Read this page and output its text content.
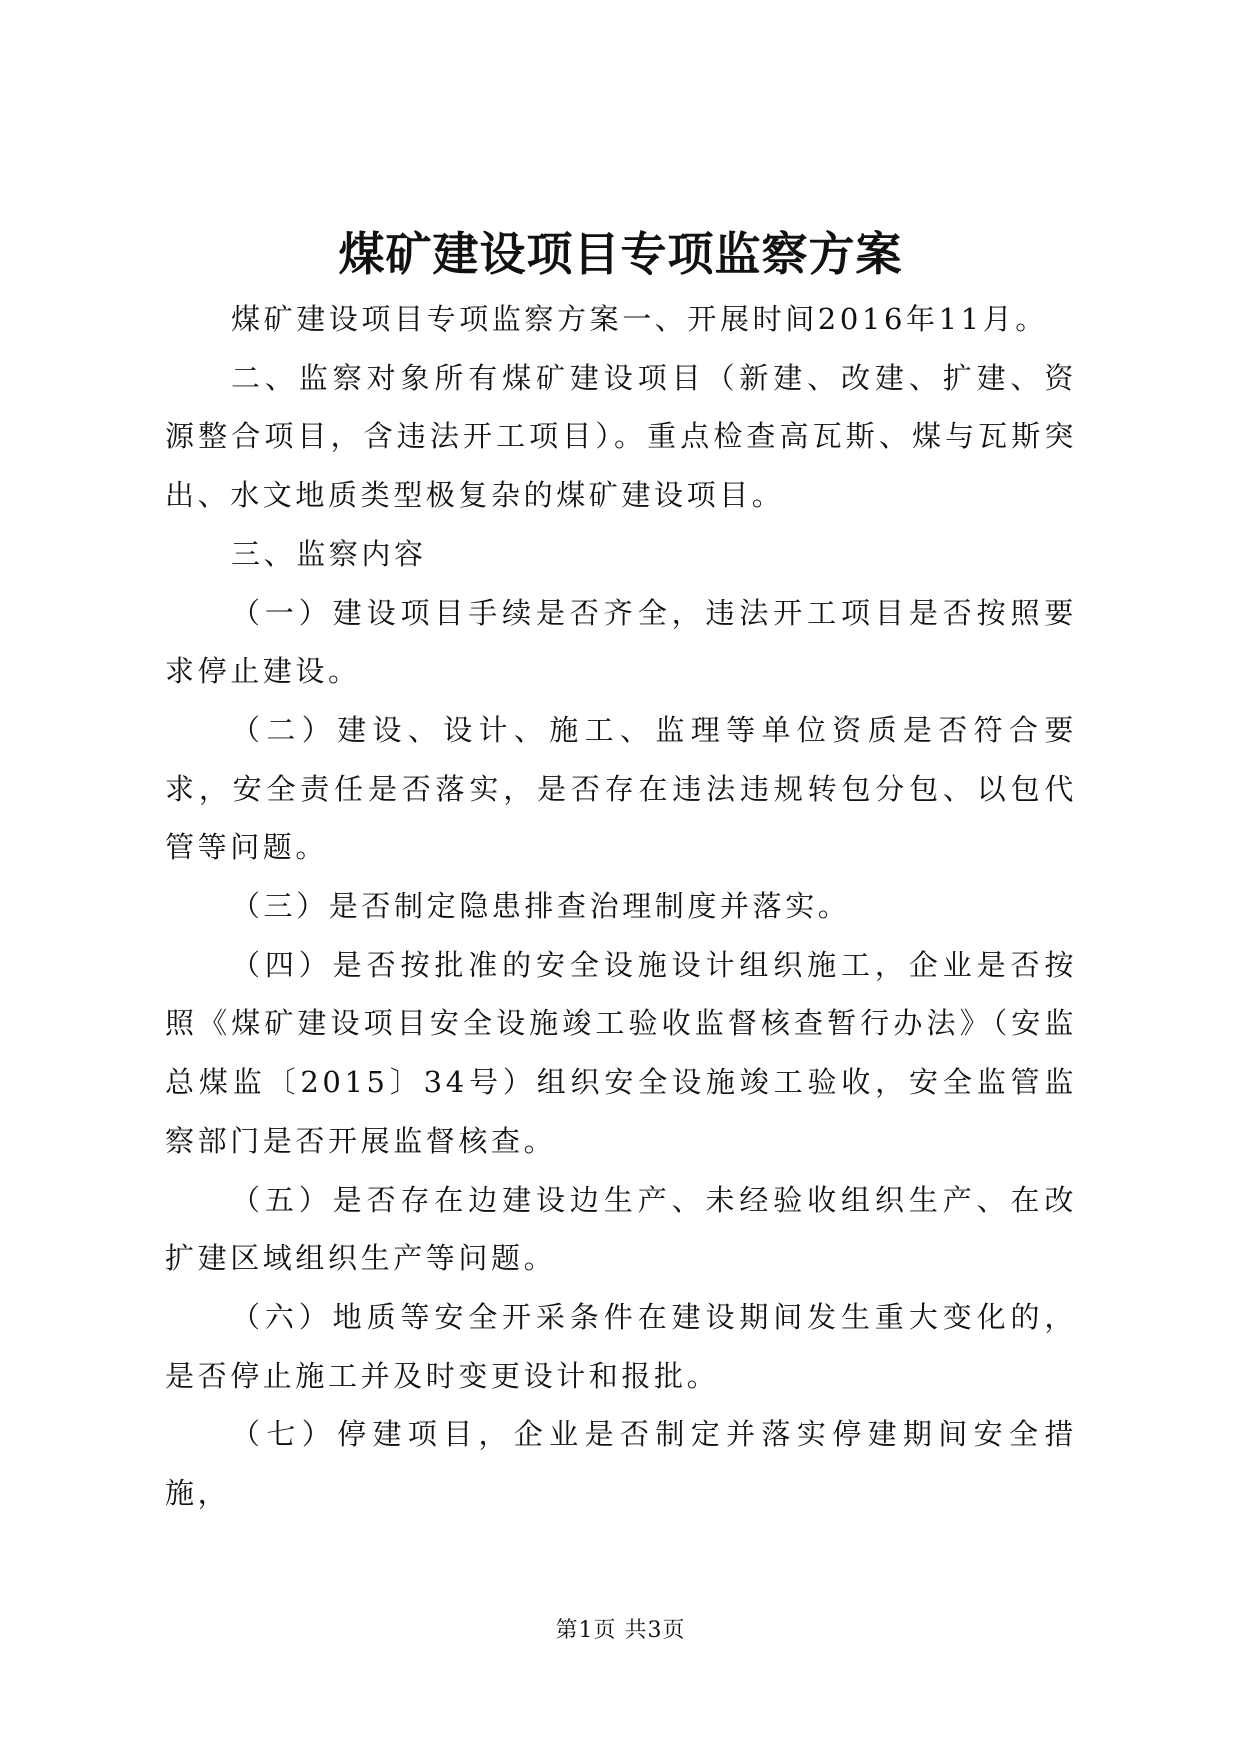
煤矿建设项目专项监察方案

煤矿建设项目专项监察方案一、开展时间2016年11月。

二、监察对象所有煤矿建设项目（新建、改建、扩建、资源整合项目，含违法开工项目）。重点检查高瓦斯、煤与瓦斯突出、水文地质类型极复杂的煤矿建设项目。

三、监察内容

（一）建设项目手续是否齐全，违法开工项目是否按照要求停止建设。

（二）建设、设计、施工、监理等单位资质是否符合要求，安全责任是否落实，是否存在违法违规转包分包、以包代管等问题。

（三）是否制定隐患排查治理制度并落实。

（四）是否按批准的安全设施设计组织施工，企业是否按照《煤矿建设项目安全设施竣工验收监督核查暂行办法》（安监总煤监〔2015〕34号）组织安全设施竣工验收，安全监管监察部门是否开展监督核查。

（五）是否存在边建设边生产、未经验收组织生产、在改扩建区域组织生产等问题。

（六）地质等安全开采条件在建设期间发生重大变化的，是否停止施工并及时变更设计和报批。

（七）停建项目，企业是否制定并落实停建期间安全措施，

第1页 共3页
